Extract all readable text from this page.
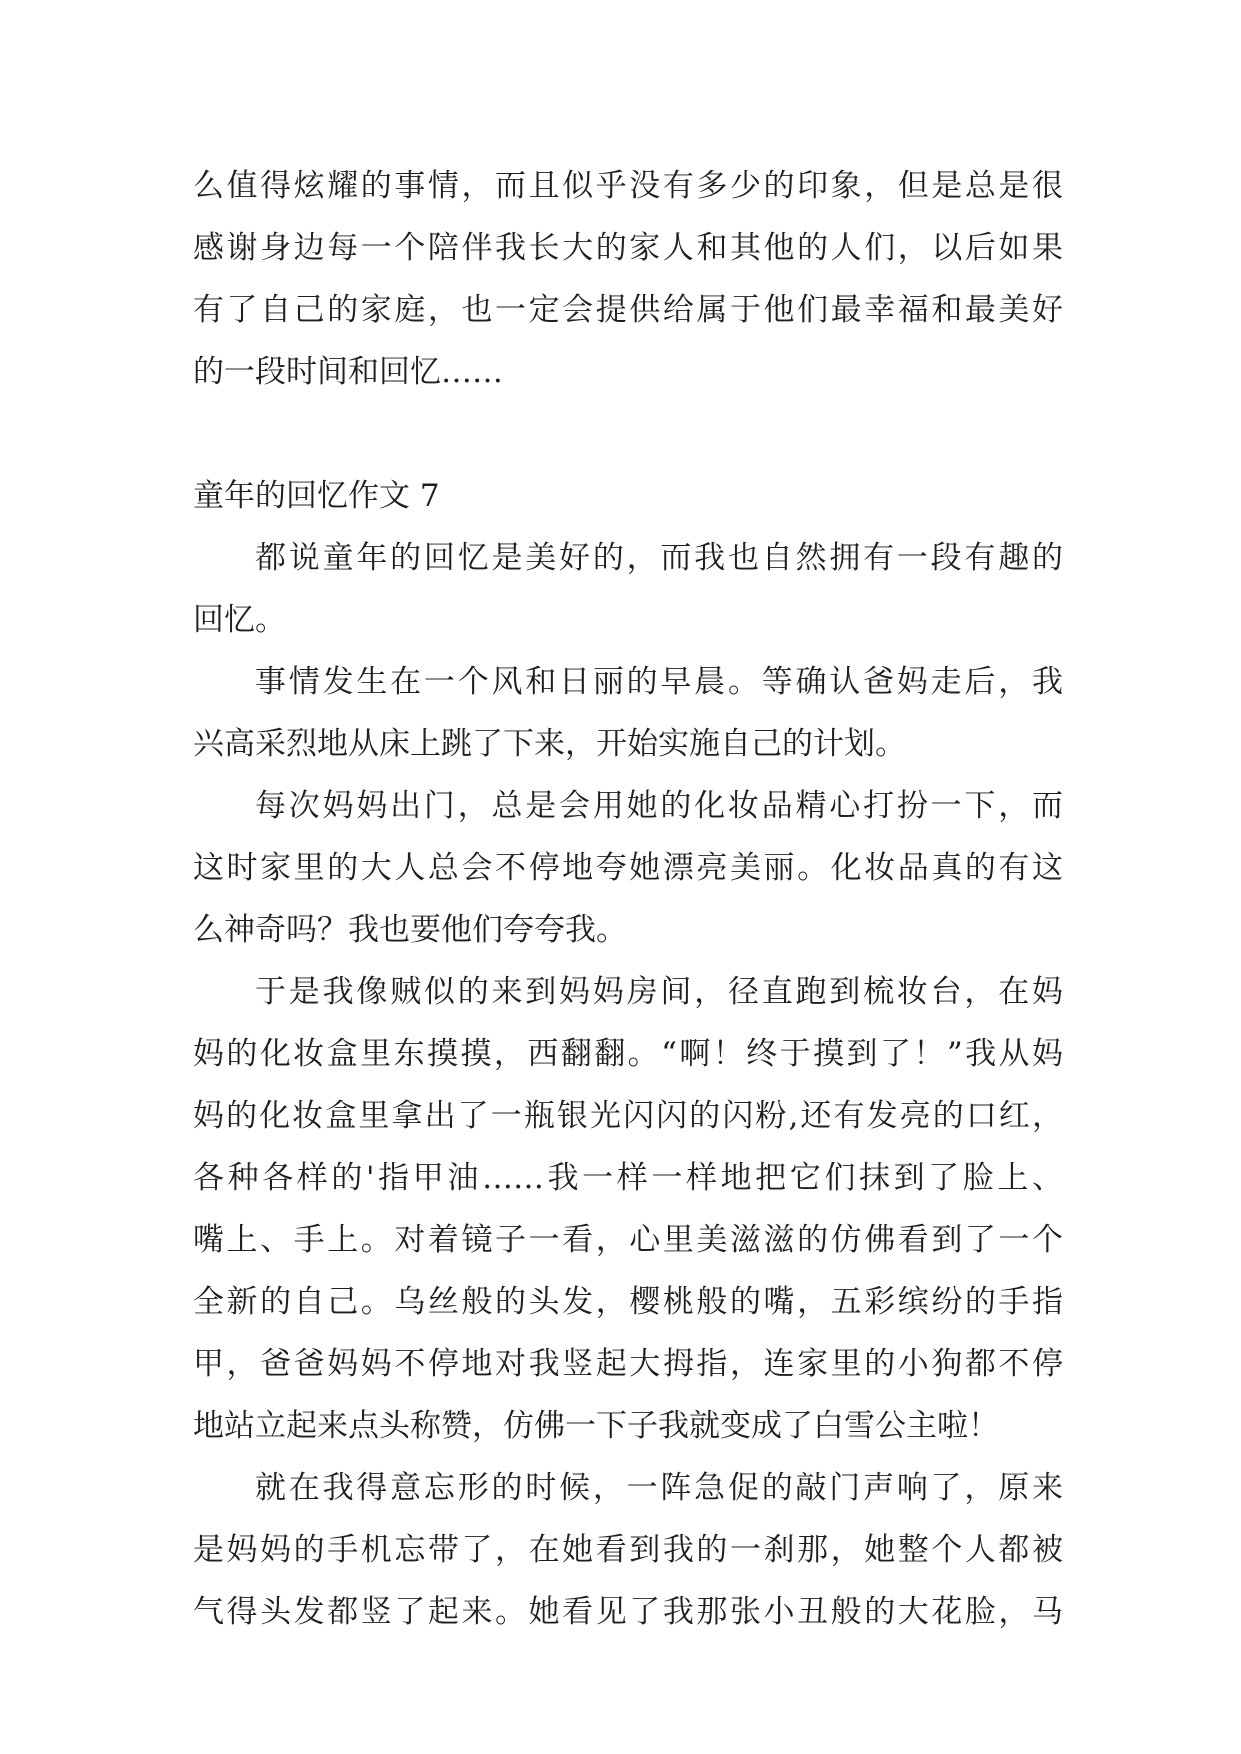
么值得炫耀的事情，而且似乎没有多少的印象，但是总是很
感谢身边每一个陪伴我长大的家人和其他的人们，以后如果
有了自己的家庭，也一定会提供给属于他们最幸福和最美好
的一段时间和回忆……
童年的回忆作文 7
都说童年的回忆是美好的，而我也自然拥有一段有趣的
回忆。
事情发生在一个风和日丽的早晨。等确认爸妈走后，我
兴高采烈地从床上跳了下来，开始实施自己的计划。
每次妈妈出门，总是会用她的化妆品精心打扮一下，而
这时家里的大人总会不停地夸她漂亮美丽。化妆品真的有这
么神奇吗？我也要他们夸夸我。
于是我像贼似的来到妈妈房间，径直跑到梳妆台，在妈
妈的化妆盒里东摸摸，西翻翻。“啊！终于摸到了！”我从妈
妈的化妆盒里拿出了一瓶银光闪闪的闪粉,还有发亮的口红，
各种各样的'指甲油……我一样一样地把它们抹到了脸上、
嘴上、手上。对着镜子一看，心里美滋滋的仿佛看到了一个
全新的自己。乌丝般的头发，樱桃般的嘴，五彩缤纷的手指
甲，爸爸妈妈不停地对我竖起大拇指，连家里的小狗都不停
地站立起来点头称赞，仿佛一下子我就变成了白雪公主啦！
就在我得意忘形的时候，一阵急促的敲门声响了，原来
是妈妈的手机忘带了，在她看到我的一刹那，她整个人都被
气得头发都竖了起来。她看见了我那张小丑般的大花脸，马
